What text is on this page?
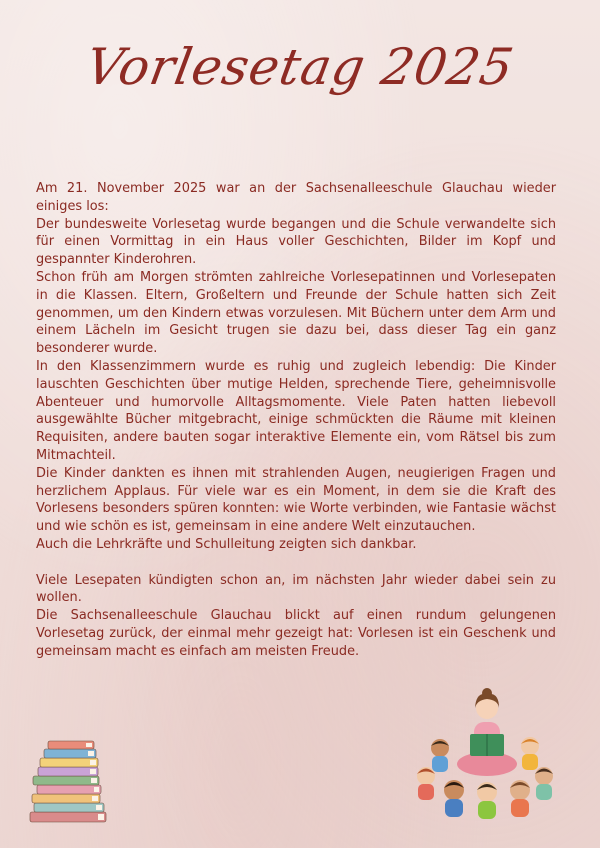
Vorlesetag 2025

Am 21. November 2025 war an der Sachsenalleeschule Glauchau wieder einiges los:

Der bundesweite Vorlesetag wurde begangen und die Schule verwandelte sich für einen Vormittag in ein Haus voller Geschichten, Bilder im Kopf und gespannter Kinderohren.

Schon früh am Morgen strömten zahlreiche Vorlesepatinnen und Vorlesepaten in die Klassen. Eltern, Großeltern und Freunde der Schule hatten sich Zeit genommen, um den Kindern etwas vorzulesen. Mit Büchern unter dem Arm und einem Lächeln im Gesicht trugen sie dazu bei, dass dieser Tag ein ganz besonderer wurde.

In den Klassenzimmern wurde es ruhig und zugleich lebendig: Die Kinder lauschten Geschichten über mutige Helden, sprechende Tiere, geheimnisvolle Abenteuer und humorvolle Alltagsmomente. Viele Paten hatten liebevoll ausgewählte Bücher mitgebracht, einige schmückten die Räume mit kleinen Requisiten, andere bauten sogar interaktive Elemente ein, vom Rätsel bis zum Mitmachteil.

Die Kinder dankten es ihnen mit strahlenden Augen, neugierigen Fragen und herzlichem Applaus. Für viele war es ein Moment, in dem sie die Kraft des Vorlesens besonders spüren konnten: wie Worte verbinden, wie Fantasie wächst und wie schön es ist, gemeinsam in eine andere Welt einzutauchen.

Auch die Lehrkräfte und Schulleitung zeigten sich dankbar.

Viele Lesepaten kündigten schon an, im nächsten Jahr wieder dabei sein zu wollen.

Die Sachsenalleeschule Glauchau blickt auf einen rundum gelungenen Vorlesetag zurück, der einmal mehr gezeigt hat: Vorlesen ist ein Geschenk und gemeinsam macht es einfach am meisten Freude.
